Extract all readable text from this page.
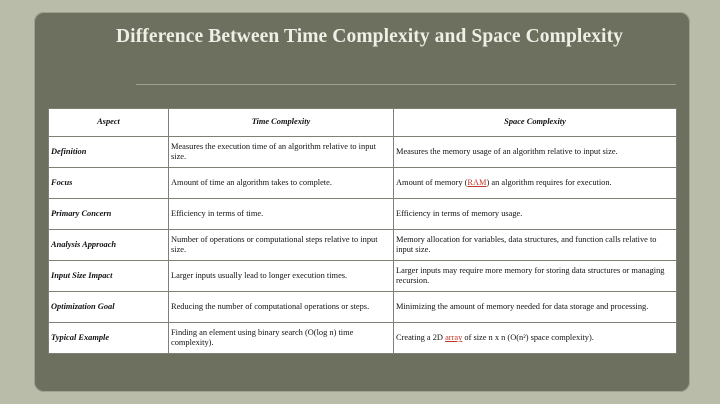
Difference Between Time Complexity and Space Complexity
Aspect	Time Complexity	Space Complexity
Definition	Measures the execution time of an algorithm relative to input size.	Measures the memory usage of an algorithm relative to input size.
Focus	Amount of time an algorithm takes to complete.	Amount of memory (RAM) an algorithm requires for execution.
Primary Concern	Efficiency in terms of time.	Efficiency in terms of memory usage.
Analysis Approach	Number of operations or computational steps relative to input size.	Memory allocation for variables, data structures, and function calls relative to input size.
Input Size Impact	Larger inputs usually lead to longer execution times.	Larger inputs may require more memory for storing data structures or managing recursion.
Optimization Goal	Reducing the number of computational operations or steps.	Minimizing the amount of memory needed for data storage and processing.
Typical Example	Finding an element using binary search (O(log n) time complexity).	Creating a 2D array of size n x n (O(n²) space complexity).
